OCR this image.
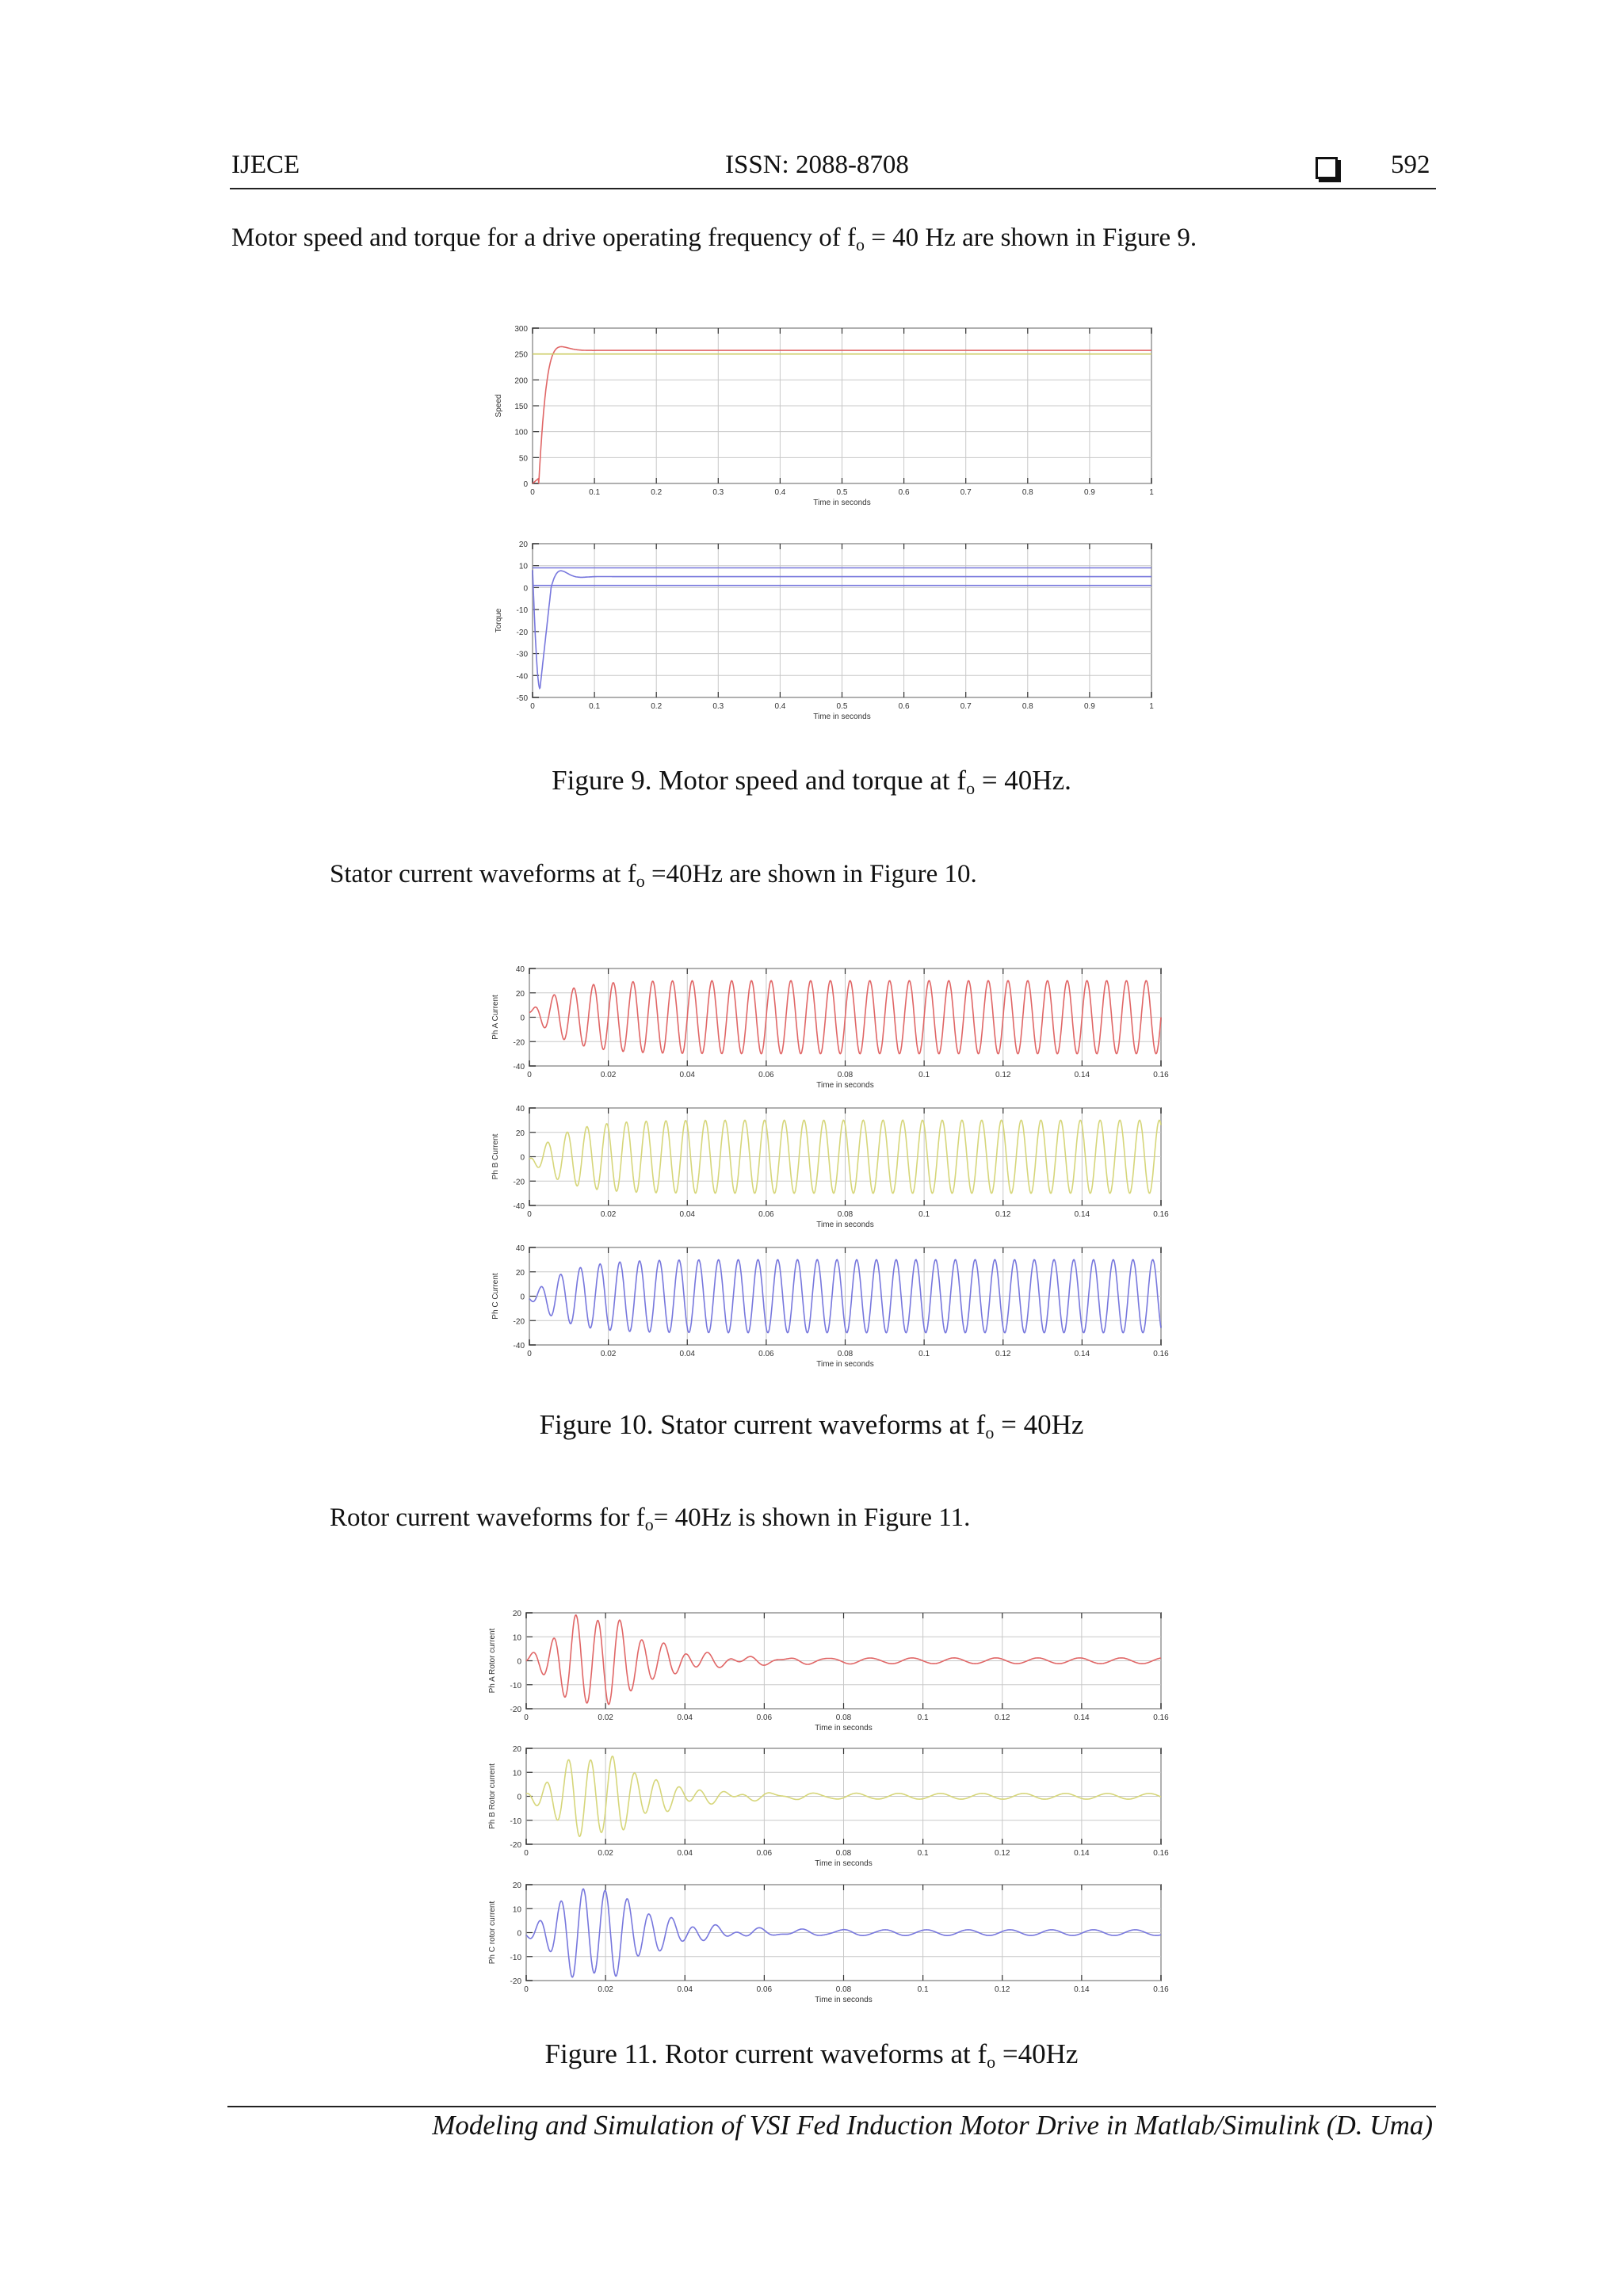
IJECE	ISSN: 2088-8708	592
Motor speed and torque for a drive operating frequency of $f_o = 40$ Hz are shown in Figure 9.
300
250
200
150
100
50
0
0	0.1	0.2	0.3	0.4	0.5	0.6	0.7	0.8	0.9	1
Time in seconds
Speed
20
10
0
-10
-20
-30
-40
-50
0	0.1	0.2	0.3	0.4	0.5	0.6	0.7	0.8	0.9	1
Time in seconds
Torque
40
20
0
-20
-40
0	0.02	0.04	0.06	0.08	0.1	0.12	0.14	0.16
Time in seconds
Ph A Current
40
20
0
-20
-40
0	0.02	0.04	0.06	0.08	0.1	0.12	0.14	0.16
Time in seconds
Ph B Current
40
20
0
-20
-40
0	0.02	0.04	0.06	0.08	0.1	0.12	0.14	0.16
Time in seconds
Ph C Current
20
10
0
-10
-20
0	0.02	0.04	0.06	0.08	0.1	0.12	0.14	0.16
Time in seconds
Ph A Rotor current
20
10
0
-10
-20
0	0.02	0.04	0.06	0.08	0.1	0.12	0.14	0.16
Time in seconds
Ph B Rotor current
20
10
0
-10
-20
0	0.02	0.04	0.06	0.08	0.1	0.12	0.14	0.16
Time in seconds
Ph C rotor current
Figure 9. Motor speed and torque at $f_o = 40Hz$.
Stator current waveforms at $f_o =40Hz$ are shown in Figure 10.
Figure 10. Stator current waveforms at $f_o = 40Hz$
Rotor current waveforms for $f_o= 40Hz$ is shown in Figure 11.
Figure 11. Rotor current waveforms at $f_o =40Hz$
Modeling and Simulation of VSI Fed Induction Motor Drive in Matlab/Simulink (D. Uma)
